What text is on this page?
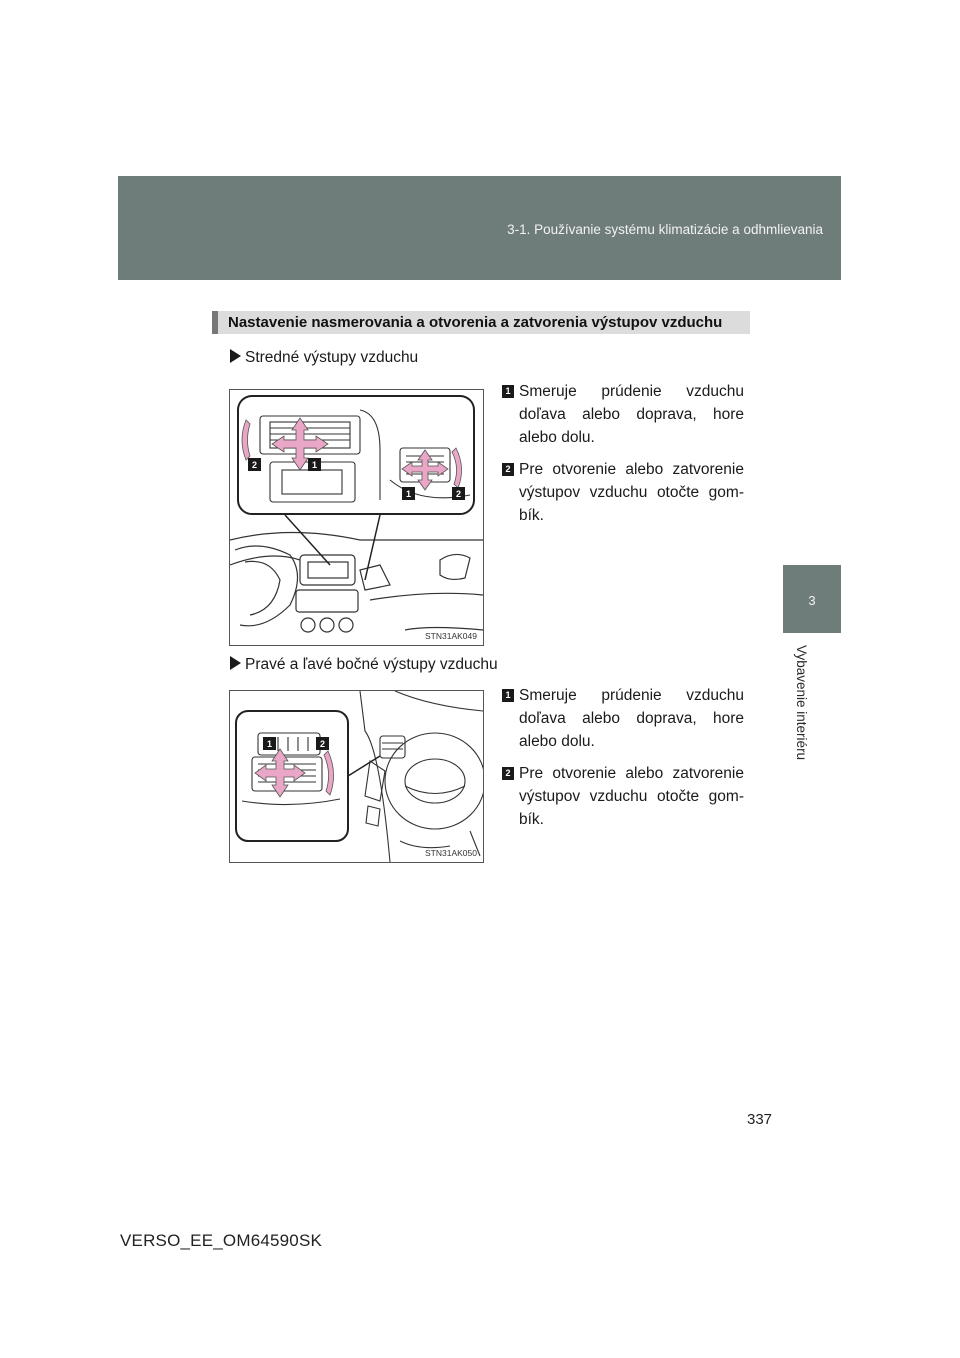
3-1. Používanie systému klimatizácie a odhmlievania
3
Vybavenie interiéru
Nastavenie nasmerovania a otvorenia a zatvorenia výstupov vzduchu
Stredné výstupy vzduchu
2	1
1	2
STN31AK049
1 Smeruje prúdenie vzduchu doľava alebo doprava, hore alebo dolu.
2 Pre otvorenie alebo zatvorenie výstupov vzduchu otočte gom-bík.
Pravé a ľavé bočné výstupy vzduchu
1	2
STN31AK050
1 Smeruje prúdenie vzduchu doľava alebo doprava, hore alebo dolu.
2 Pre otvorenie alebo zatvorenie výstupov vzduchu otočte gom-bík.
337
VERSO_EE_OM64590SK
